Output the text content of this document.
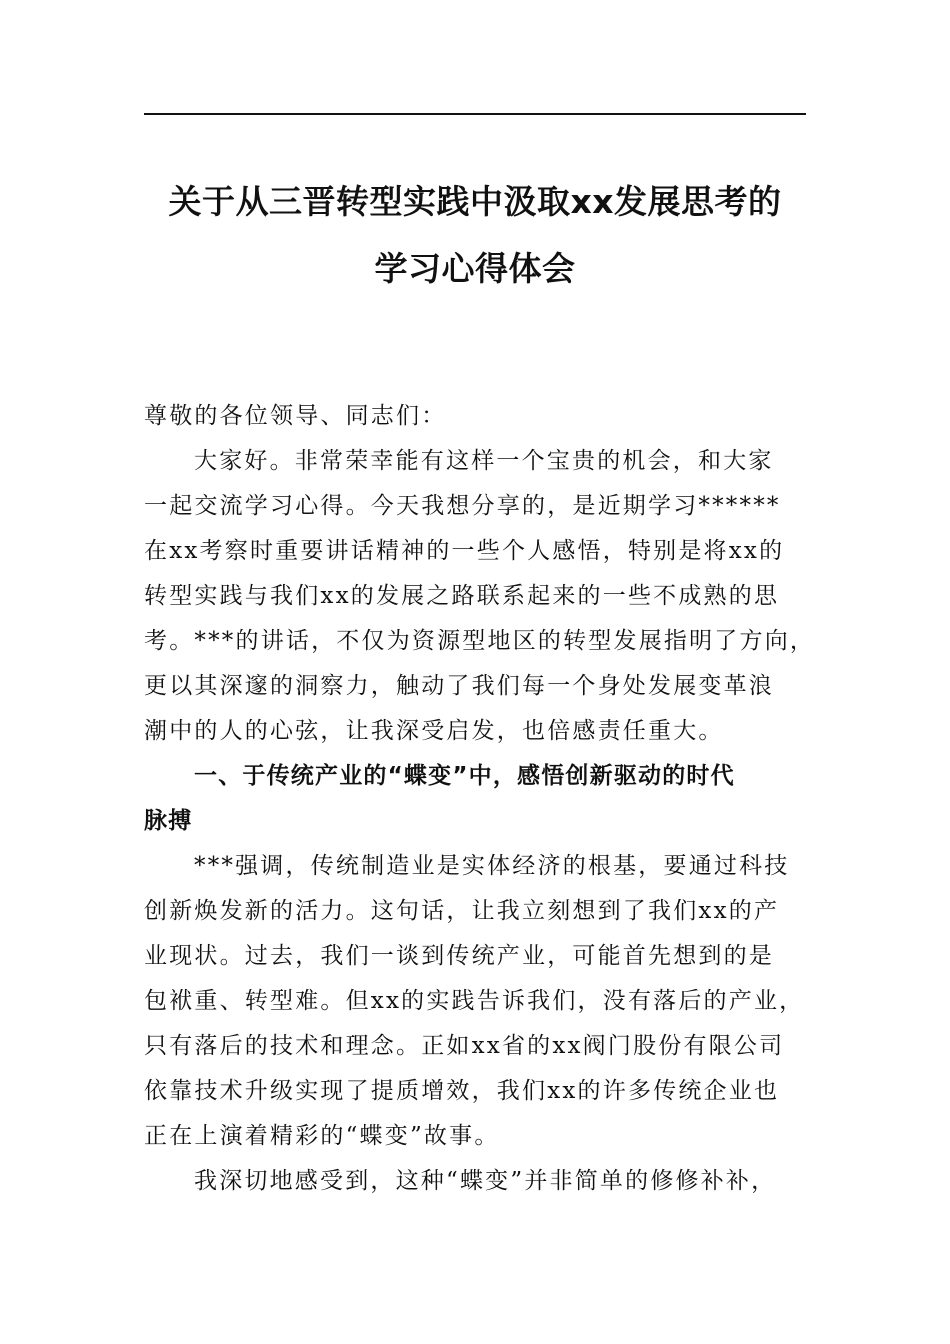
关于从三晋转型实践中汲取xx发展思考的
学习心得体会
尊敬的各位领导、同志们：
大家好。非常荣幸能有这样一个宝贵的机会，和大家
一起交流学习心得。今天我想分享的，是近期学习******
在xx考察时重要讲话精神的一些个人感悟，特别是将xx的
转型实践与我们xx的发展之路联系起来的一些不成熟的思
考。***的讲话，不仅为资源型地区的转型发展指明了方向，
更以其深邃的洞察力，触动了我们每一个身处发展变革浪
潮中的人的心弦，让我深受启发，也倍感责任重大。
一、于传统产业的“蝶变”中，感悟创新驱动的时代
脉搏
***强调，传统制造业是实体经济的根基，要通过科技
创新焕发新的活力。这句话，让我立刻想到了我们xx的产
业现状。过去，我们一谈到传统产业，可能首先想到的是
包袱重、转型难。但xx的实践告诉我们，没有落后的产业，
只有落后的技术和理念。正如xx省的xx阀门股份有限公司
依靠技术升级实现了提质增效，我们xx的许多传统企业也
正在上演着精彩的“蝶变”故事。
我深切地感受到，这种“蝶变”并非简单的修修补补，
